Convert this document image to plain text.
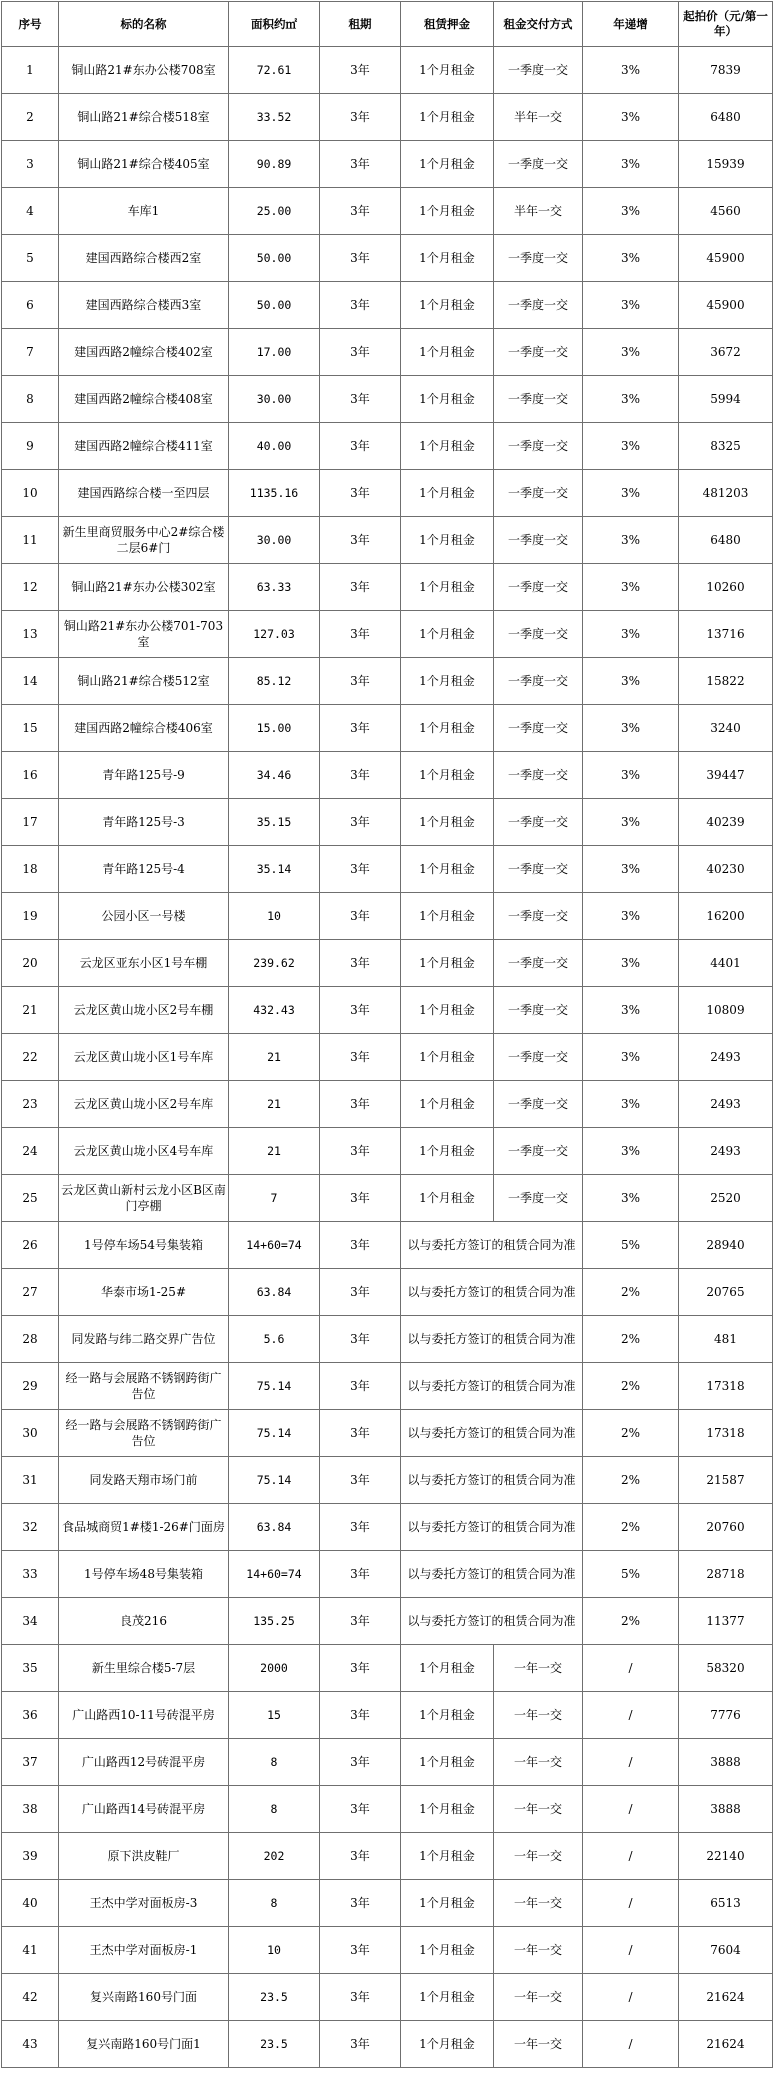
序号	标的名称	面积约㎡	租期	租赁押金	租金交付方式	年递增	起拍价（元/第一年）
1	铜山路21#东办公楼708室	72.61	3年	1个月租金	一季度一交	3%	7839
2	铜山路21#综合楼518室	33.52	3年	1个月租金	半年一交	3%	6480
3	铜山路21#综合楼405室	90.89	3年	1个月租金	一季度一交	3%	15939
4	车库1	25.00	3年	1个月租金	半年一交	3%	4560
5	建国西路综合楼西2室	50.00	3年	1个月租金	一季度一交	3%	45900
6	建国西路综合楼西3室	50.00	3年	1个月租金	一季度一交	3%	45900
7	建国西路2幢综合楼402室	17.00	3年	1个月租金	一季度一交	3%	3672
8	建国西路2幢综合楼408室	30.00	3年	1个月租金	一季度一交	3%	5994
9	建国西路2幢综合楼411室	40.00	3年	1个月租金	一季度一交	3%	8325
10	建国西路综合楼一至四层	1135.16	3年	1个月租金	一季度一交	3%	481203
11	新生里商贸服务中心2#综合楼二层6#门	30.00	3年	1个月租金	一季度一交	3%	6480
12	铜山路21#东办公楼302室	63.33	3年	1个月租金	一季度一交	3%	10260
13	铜山路21#东办公楼701-703室	127.03	3年	1个月租金	一季度一交	3%	13716
14	铜山路21#综合楼512室	85.12	3年	1个月租金	一季度一交	3%	15822
15	建国西路2幢综合楼406室	15.00	3年	1个月租金	一季度一交	3%	3240
16	青年路125号-9	34.46	3年	1个月租金	一季度一交	3%	39447
17	青年路125号-3	35.15	3年	1个月租金	一季度一交	3%	40239
18	青年路125号-4	35.14	3年	1个月租金	一季度一交	3%	40230
19	公园小区一号楼	10	3年	1个月租金	一季度一交	3%	16200
20	云龙区亚东小区1号车棚	239.62	3年	1个月租金	一季度一交	3%	4401
21	云龙区黄山垅小区2号车棚	432.43	3年	1个月租金	一季度一交	3%	10809
22	云龙区黄山垅小区1号车库	21	3年	1个月租金	一季度一交	3%	2493
23	云龙区黄山垅小区2号车库	21	3年	1个月租金	一季度一交	3%	2493
24	云龙区黄山垅小区4号车库	21	3年	1个月租金	一季度一交	3%	2493
25	云龙区黄山新村云龙小区B区南门亭棚	7	3年	1个月租金	一季度一交	3%	2520
26	1号停车场54号集装箱	14+60=74	3年	以与委托方签订的租赁合同为准		5%	28940
27	华泰市场1-25#	63.84	3年	以与委托方签订的租赁合同为准		2%	20765
28	同发路与纬二路交界广告位	5.6	3年	以与委托方签订的租赁合同为准		2%	481
29	经一路与会展路不锈钢跨街广告位	75.14	3年	以与委托方签订的租赁合同为准		2%	17318
30	经一路与会展路不锈钢跨街广告位	75.14	3年	以与委托方签订的租赁合同为准		2%	17318
31	同发路天翔市场门前	75.14	3年	以与委托方签订的租赁合同为准		2%	21587
32	食品城商贸1#楼1-26#门面房	63.84	3年	以与委托方签订的租赁合同为准		2%	20760
33	1号停车场48号集装箱	14+60=74	3年	以与委托方签订的租赁合同为准		5%	28718
34	良茂216	135.25	3年	以与委托方签订的租赁合同为准		2%	11377
35	新生里综合楼5-7层	2000	3年	1个月租金	一年一交	/	58320
36	广山路西10-11号砖混平房	15	3年	1个月租金	一年一交	/	7776
37	广山路西12号砖混平房	8	3年	1个月租金	一年一交	/	3888
38	广山路西14号砖混平房	8	3年	1个月租金	一年一交	/	3888
39	原下洪皮鞋厂	202	3年	1个月租金	一年一交	/	22140
40	王杰中学对面板房-3	8	3年	1个月租金	一年一交	/	6513
41	王杰中学对面板房-1	10	3年	1个月租金	一年一交	/	7604
42	复兴南路160号门面	23.5	3年	1个月租金	一年一交	/	21624
43	复兴南路160号门面1	23.5	3年	1个月租金	一年一交	/	21624
